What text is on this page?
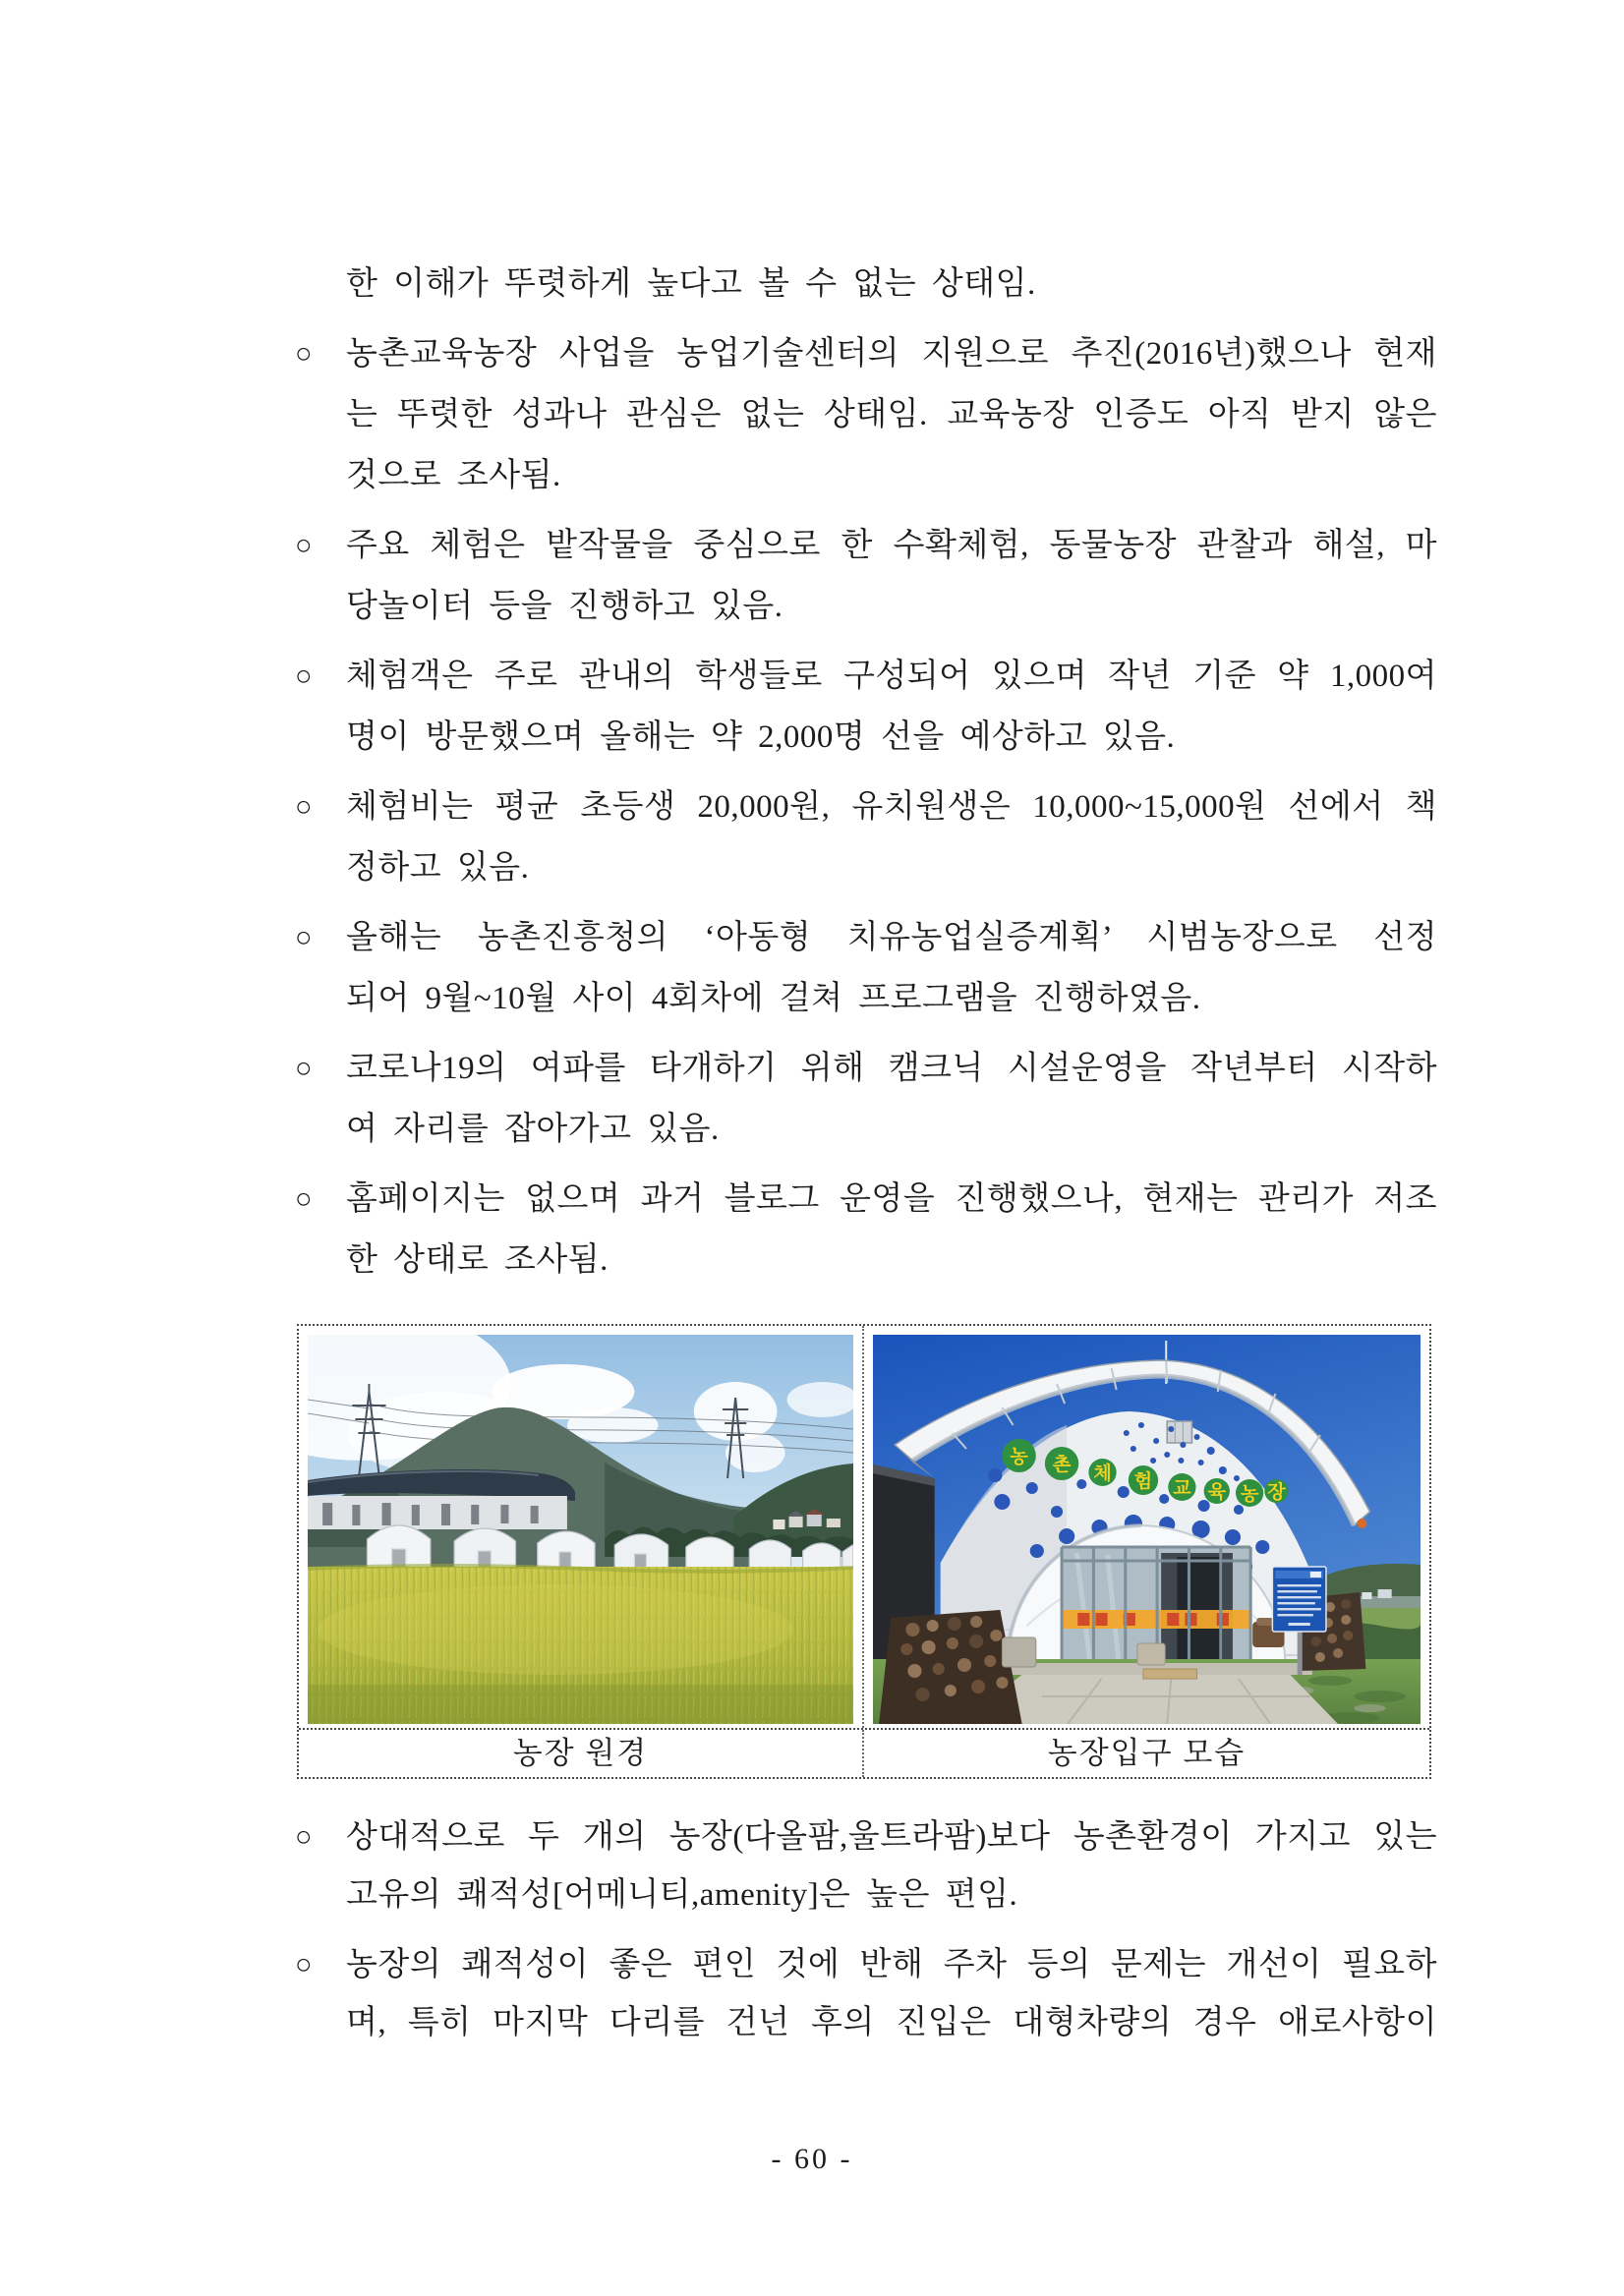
한 이해가 뚜렷하게 높다고 볼 수 없는 상태임.
○	농촌교육농장 사업을 농업기술센터의 지원으로 추진(2016년)했으나 현재
는 뚜렷한 성과나 관심은 없는 상태임. 교육농장 인증도 아직 받지 않은
것으로 조사됨.
○	주요 체험은 밭작물을 중심으로 한 수확체험, 동물농장 관찰과 해설, 마
당놀이터 등을 진행하고 있음.
○	체험객은 주로 관내의 학생들로 구성되어 있으며 작년 기준 약 1,000여
명이 방문했으며 올해는 약 2,000명 선을 예상하고 있음.
○	체험비는 평균 초등생 20,000원, 유치원생은 10,000~15,000원 선에서 책
정하고 있음.
○	올해는 농촌진흥청의 ‘아동형 치유농업실증계획’ 시범농장으로 선정
되어 9월~10월 사이 4회차에 걸쳐 프로그램을 진행하였음.
○	코로나19의 여파를 타개하기 위해 캠크닉 시설운영을 작년부터 시작하
여 자리를 잡아가고 있음.
○	홈페이지는 없으며 과거 블로그 운영을 진행했으나, 현재는 관리가 저조
한 상태로 조사됨.
농 촌 체 험 교 육 농 장
농장 원경	농장입구 모습
○	상대적으로 두 개의 농장(다올팜,울트라팜)보다 농촌환경이 가지고 있는
고유의 쾌적성[어메니티,amenity]은 높은 편임.
○	농장의 쾌적성이 좋은 편인 것에 반해 주차 등의 문제는 개선이 필요하
며, 특히 마지막 다리를 건넌 후의 진입은 대형차량의 경우 애로사항이
- 60 -
